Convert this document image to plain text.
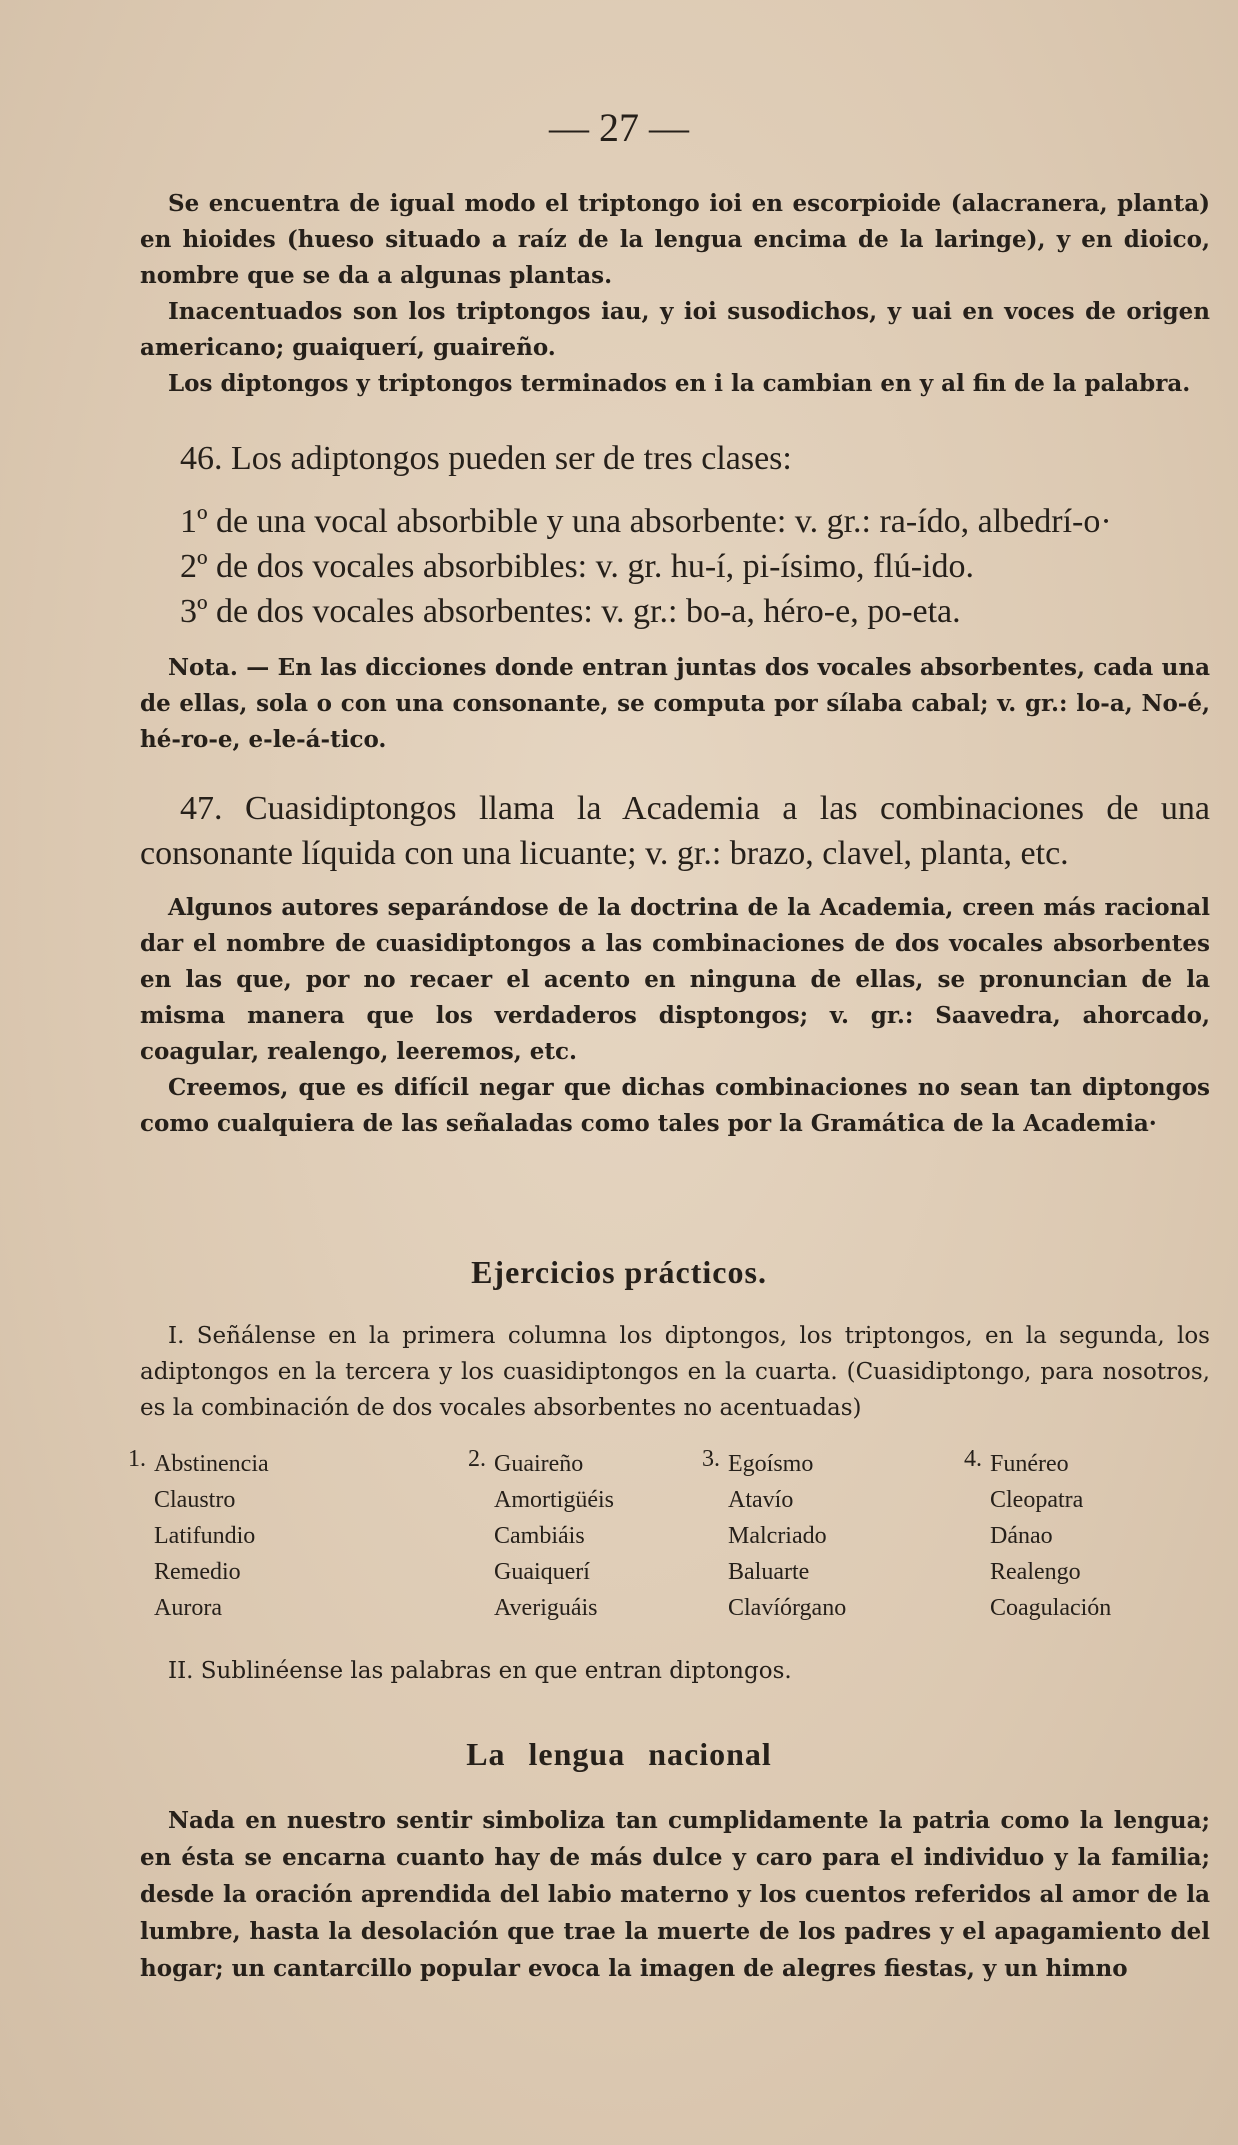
— 27 —

Se encuentra de igual modo el triptongo ioi en escorpioide (alacranera, planta) en hioides (hueso situado a raíz de la lengua encima de la laringe), y en dioico, nombre que se da a algunas plantas.

Inacentuados son los triptongos iau, y ioi susodichos, y uai en voces de origen americano; guaiquerí, guaireño.

Los diptongos y triptongos terminados en i la cambian en y al fin de la palabra.

46. Los adiptongos pueden ser de tres clases:

1º de una vocal absorbible y una absorbente: v. gr.: ra-ído, albedrí-o·
2º de dos vocales absorbibles: v. gr. hu-í, pi-ísimo, flú-ido.
3º de dos vocales absorbentes: v. gr.: bo-a, héro-e, po-eta.

Nota. — En las dicciones donde entran juntas dos vocales absorbentes, cada una de ellas, sola o con una consonante, se computa por sílaba cabal; v. gr.: lo-a, No-é, hé-ro-e, e-le-á-tico.

47. Cuasidiptongos llama la Academia a las combinaciones de una consonante líquida con una licuante; v. gr.: brazo, clavel, planta, etc.

Algunos autores separándose de la doctrina de la Academia, creen más racional dar el nombre de cuasidiptongos a las combinaciones de dos vocales absorbentes en las que, por no recaer el acento en ninguna de ellas, se pronuncian de la misma manera que los verdaderos disptongos; v. gr.: Saavedra, ahorcado, coagular, realengo, leeremos, etc.

Creemos, que es difícil negar que dichas combinaciones no sean tan diptongos como cualquiera de las señaladas como tales por la Gramática de la Academia·

Ejercicios prácticos.

I. Señálense en la primera columna los diptongos, los triptongos, en la segunda, los adiptongos en la tercera y los cuasidiptongos en la cuarta. (Cuasidiptongo, para nosotros, es la combinación de dos vocales absorbentes no acentuadas)

1. Abstinencia
Claustro
Latifundio
Remedio
Aurora
2. Guaireño
Amortigüéis
Cambiáis
Guaiquerí
Averiguáis
3. Egoísmo
Atavío
Malcriado
Baluarte
Clavíórgano
4. Funéreo
Cleopatra
Dánao
Realengo
Coagulación

II. Sublinéense las palabras en que entran diptongos.

La lengua nacional

Nada en nuestro sentir simboliza tan cumplidamente la patria como la lengua; en ésta se encarna cuanto hay de más dulce y caro para el individuo y la familia; desde la oración aprendida del labio materno y los cuentos referidos al amor de la lumbre, hasta la desolación que trae la muerte de los padres y el apagamiento del hogar; un cantarcillo popular evoca la imagen de alegres fiestas, y un himno
